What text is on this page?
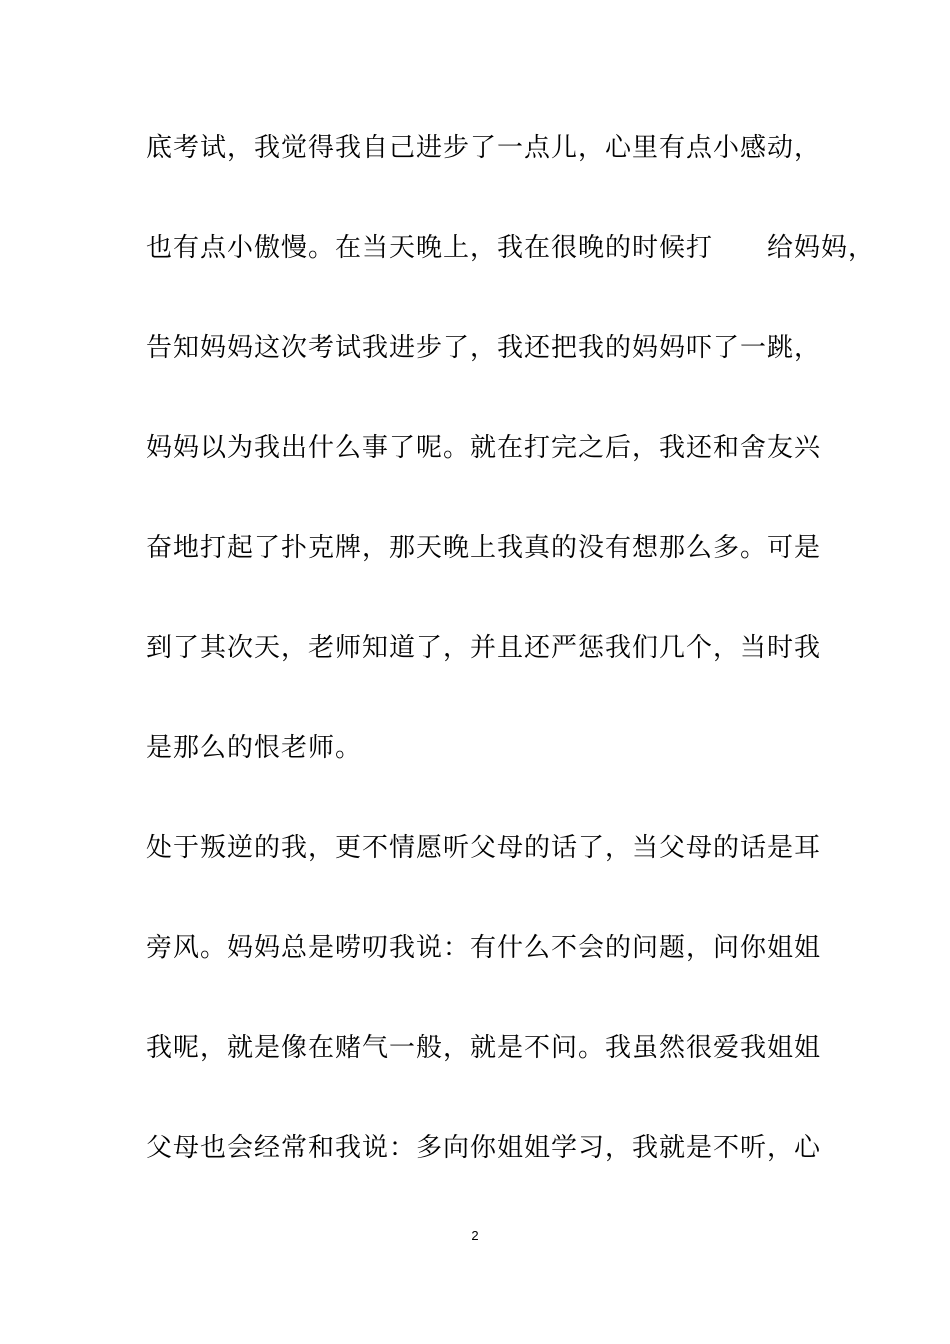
底考试，我觉得我自己进步了一点儿，心里有点小感动，
也有点小傲慢。在当天晚上，我在很晚的时候打　　给妈妈，
告知妈妈这次考试我进步了，我还把我的妈妈吓了一跳，
妈妈以为我出什么事了呢。就在打完之后，我还和舍友兴
奋地打起了扑克牌，那天晚上我真的没有想那么多。可是
到了其次天，老师知道了，并且还严惩我们几个，当时我
是那么的恨老师。
处于叛逆的我，更不情愿听父母的话了，当父母的话是耳
旁风。妈妈总是唠叨我说：有什么不会的问题，问你姐姐
我呢，就是像在赌气一般，就是不问。我虽然很爱我姐姐
父母也会经常和我说：多向你姐姐学习，我就是不听，心
2
